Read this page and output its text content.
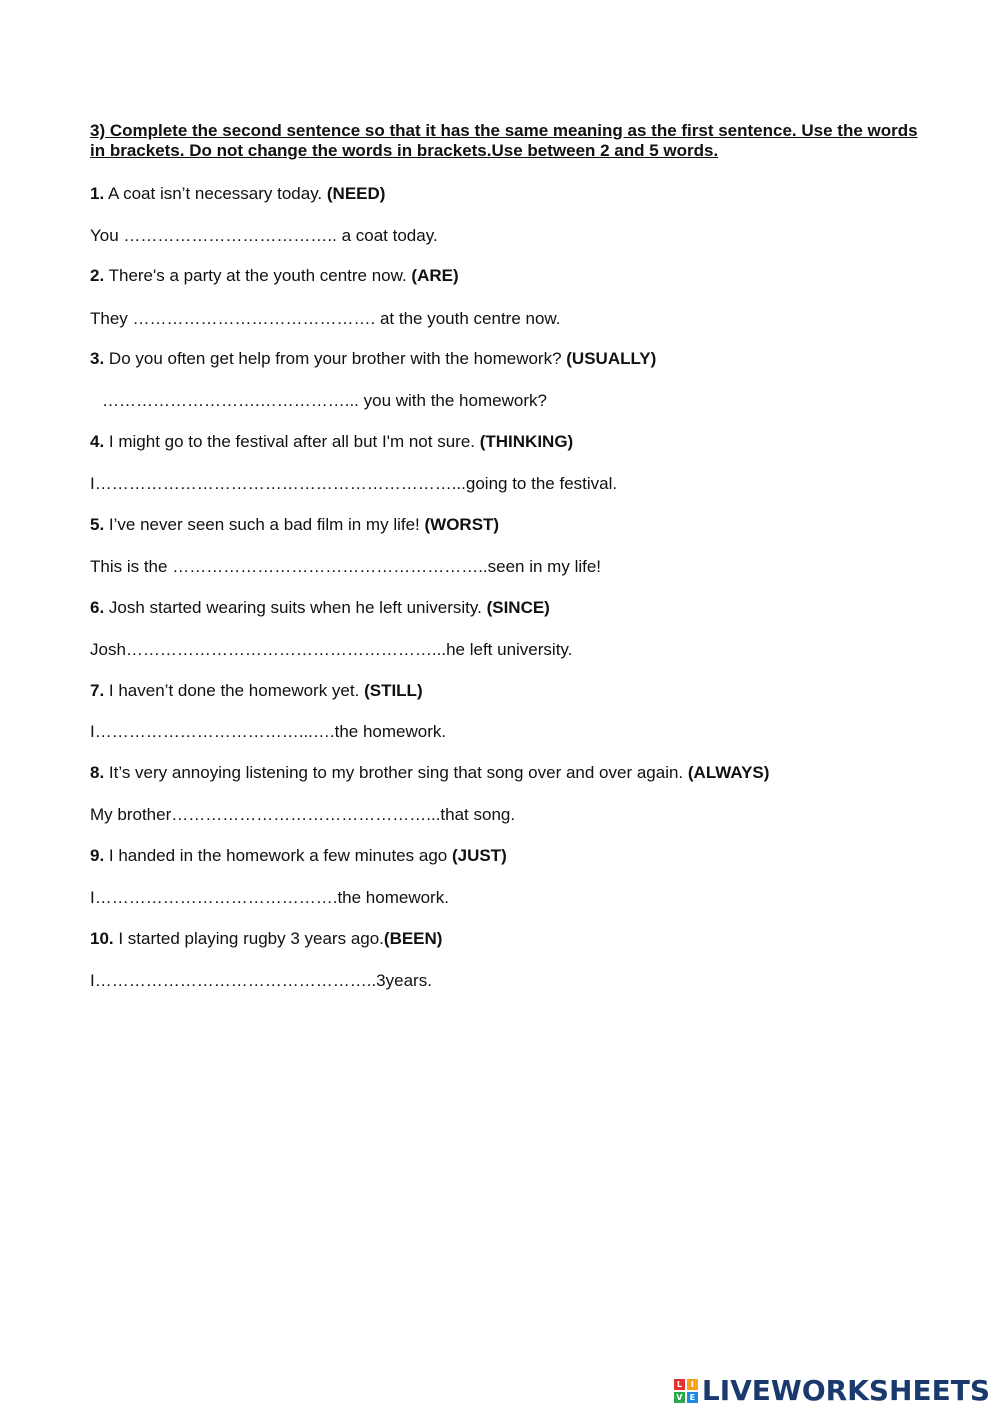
3) Complete the second sentence so that it has the same meaning as the first sentence. Use the words in brackets. Do not change the words in brackets.Use between 2 and 5 words.
1. A coat isn’t necessary today. (NEED)
You ……………………………….. a coat today.
2. There's a party at the youth centre now. (ARE)
They ……………………………………. at the youth centre now.
3. Do you often get help from your brother with the homework? (USUALLY)
……………………….……………... you with the homework?
4. I might go to the festival after all but I'm not sure. (THINKING)
I………………………………………………………...going to the festival.
5. I’ve never seen such a bad film in my life! (WORST)
This is the ………………………………………………..seen in my life!
6. Josh started wearing suits when he left university. (SINCE)
Josh………………………………………………...he left university.
7. I haven’t done the homework yet. (STILL)
I………………………………...….the homework.
8. It’s very annoying listening to my brother sing that song over and over again. (ALWAYS)
My brother………………………………………...that song.
9. I handed in the homework a few minutes ago (JUST)
I…………………………………….the homework.
10. I started playing rugby 3 years ago.(BEEN)
I…………………………………………..3years.
L	I
V E LIVEWORKSHEETS
